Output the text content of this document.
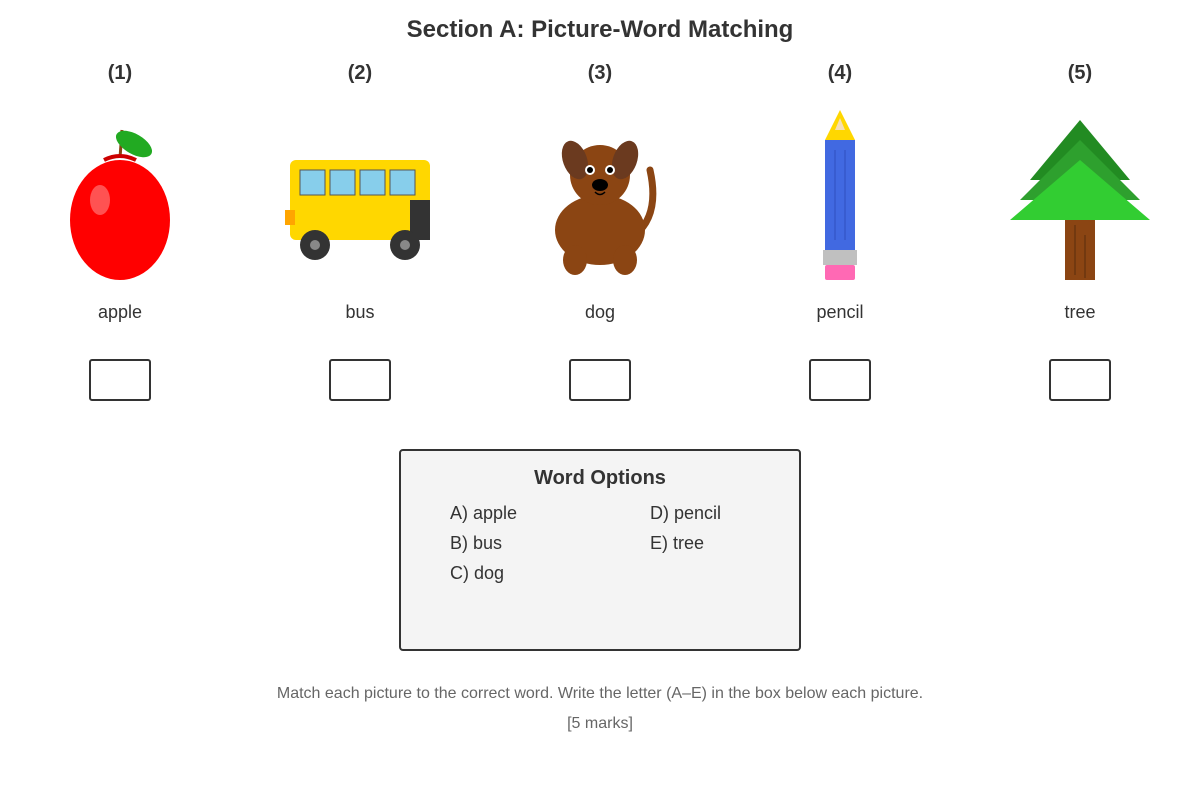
Section A: Picture-Word Matching
(1)
apple
(2)
bus
(3)
dog
(4)
pencil
(5)
tree
Word Options
A) apple
B) bus
C) dog
D) pencil
E) tree
Match each picture to the correct word. Write the letter (A–E) in the box below each picture.
[5 marks]
